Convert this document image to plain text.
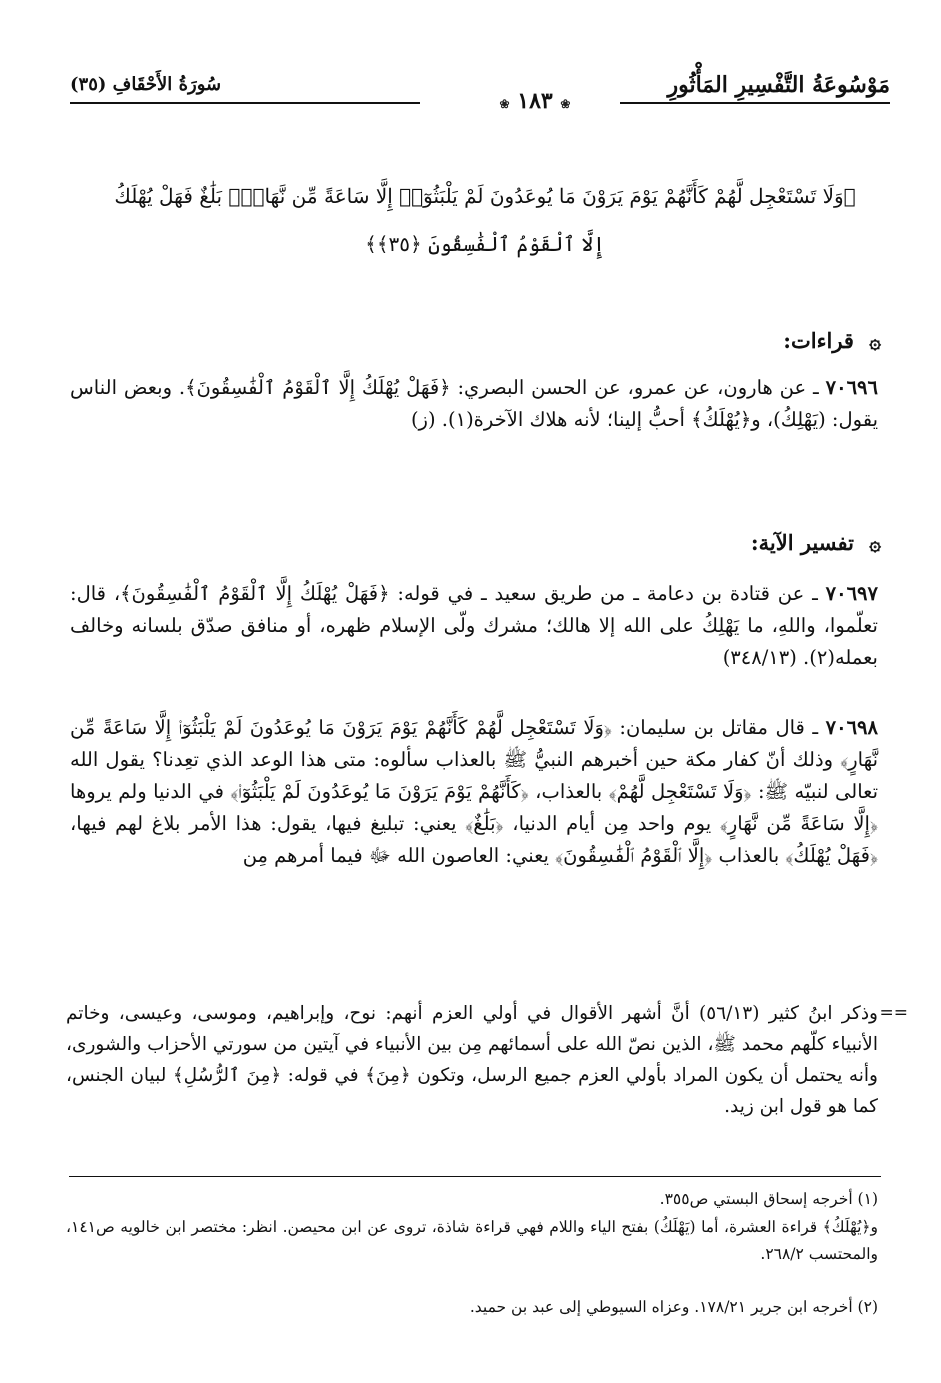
مَوْسُوعَةُ التَّفْسِيرِ المَأْثُورِ
سُورَةُ الأَحْقَافِ (٣٥)
❀ ١٨٣ ❀
﴿وَلَا تَسْتَعْجِل لَّهُمْ كَأَنَّهُمْ يَوْمَ يَرَوْنَ مَا يُوعَدُونَ لَمْ يَلْبَثُوٓا۟ إِلَّا سَاعَةً مِّن نَّهَارٍۭ بَلَٰغٌ فَهَلْ يُهْلَكُ
إِلَّا ٱلْقَوْمُ ٱلْفَٰسِقُونَ ﴿٣٥﴾﴾
۞ قراءات:
٧٠٦٩٦ ـ عن هارون، عن عمرو، عن الحسن البصري: ﴿فَهَلْ يُهْلَكُ إِلَّا ٱلْقَوْمُ ٱلْفَٰسِقُونَ﴾. وبعض الناس يقول: (يَهْلِكُ)، و﴿يُهْلَكُ﴾ أحبُّ إلينا؛ لأنه هلاك الآخرة(١). (ز)
۞ تفسير الآية:
٧٠٦٩٧ ـ عن قتادة بن دعامة ـ من طريق سعيد ـ في قوله: ﴿فَهَلْ يُهْلَكُ إِلَّا ٱلْقَوْمُ ٱلْفَٰسِقُونَ﴾، قال: تعلّموا، واللهِ، ما يَهْلِكُ على الله إلا هالك؛ مشرك ولّى الإسلام ظهره، أو منافق صدّق بلسانه وخالف بعمله(٢). (٣٤٨/١٣)
٧٠٦٩٨ ـ قال مقاتل بن سليمان: ﴿وَلَا تَسْتَعْجِل لَّهُمْ كَأَنَّهُمْ يَوْمَ يَرَوْنَ مَا يُوعَدُونَ لَمْ يَلْبَثُوٓا۟ إِلَّا سَاعَةً مِّن نَّهَارٍ﴾ وذلك أنّ كفار مكة حين أخبرهم النبيُّ ﷺ بالعذاب سألوه: متى هذا الوعد الذي تعِدنا؟ يقول الله تعالى لنبيّه ﷺ: ﴿وَلَا تَسْتَعْجِل لَّهُمْ﴾ بالعذاب، ﴿كَأَنَّهُمْ يَوْمَ يَرَوْنَ مَا يُوعَدُونَ لَمْ يَلْبَثُوٓا۟﴾ في الدنيا ولم يروها ﴿إِلَّا سَاعَةً مِّن نَّهَارٍ﴾ يوم واحد مِن أيام الدنيا، ﴿بَلَٰغٌ﴾ يعني: تبليغ فيها، يقول: هذا الأمر بلاغ لهم فيها، ﴿فَهَلْ يُهْلَكُ﴾ بالعذاب ﴿إِلَّا ٱلْقَوْمُ ٱلْفَٰسِقُونَ﴾ يعني: العاصون الله ﷻ فيما أمرهم مِن
==
وذكر ابنُ كثير (٥٦/١٣) أنَّ أشهر الأقوال في أولي العزم أنهم: نوح، وإبراهيم، وموسى، وعيسى، وخاتم الأنبياء كلّهم محمد ﷺ، الذين نصّ الله على أسمائهم مِن بين الأنبياء في آيتين من سورتي الأحزاب والشورى، وأنه يحتمل أن يكون المراد بأولي العزم جميع الرسل، وتكون ﴿مِنَ﴾ في قوله: ﴿مِنَ ٱلرُّسُلِ﴾ لبيان الجنس، كما هو قول ابن زيد.
(١) أخرجه إسحاق البستي ص٣٥٥.
و﴿يُهْلَكُ﴾ قراءة العشرة، أما (يَهْلَكُ) بفتح الياء واللام فهي قراءة شاذة، تروى عن ابن محيصن. انظر: مختصر ابن خالويه ص١٤١، والمحتسب ٢٦٨/٢.
(٢) أخرجه ابن جرير ١٧٨/٢١. وعزاه السيوطي إلى عبد بن حميد.
